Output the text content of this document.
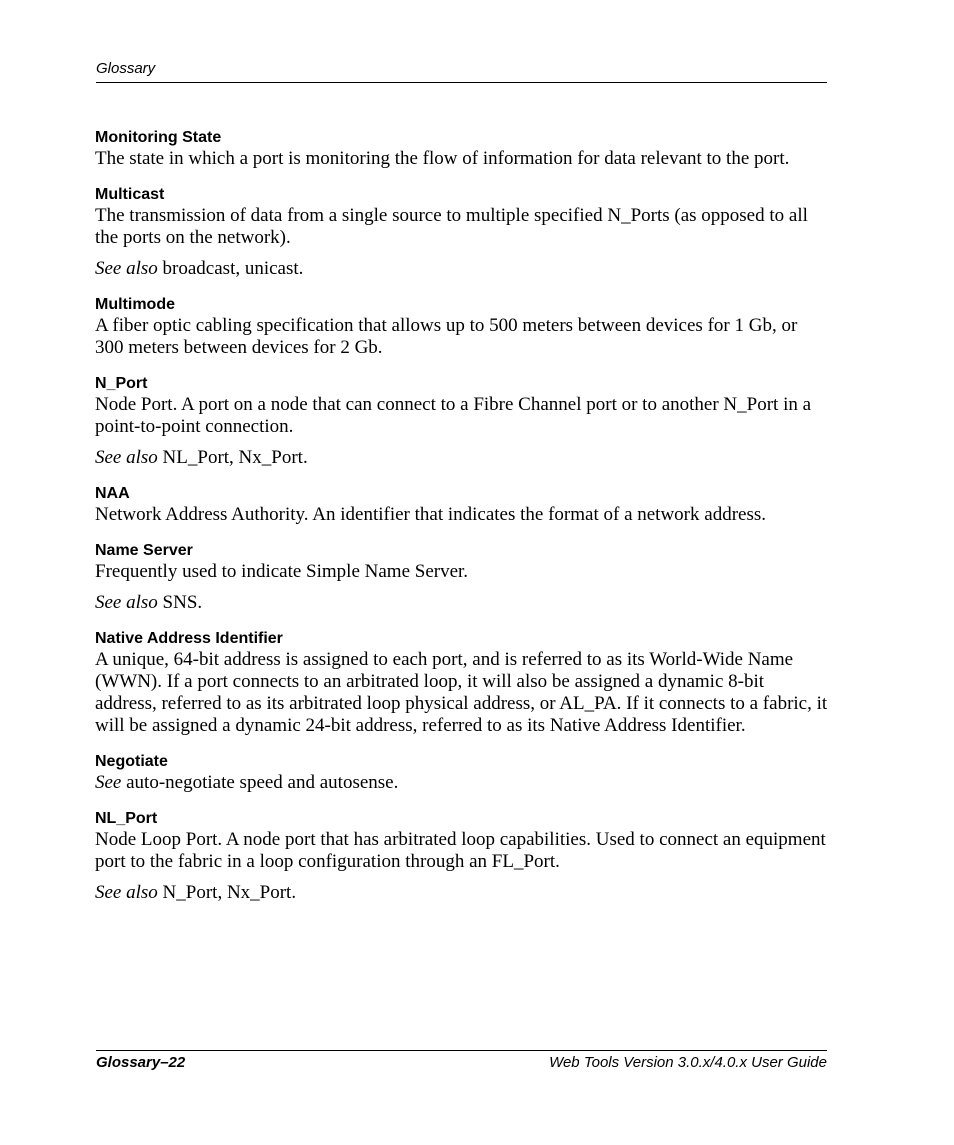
Glossary

Monitoring State

The state in which a port is monitoring the flow of information for data relevant to the port.

Multicast

The transmission of data from a single source to multiple specified N_Ports (as opposed to all the ports on the network).

See also broadcast, unicast.

Multimode

A fiber optic cabling specification that allows up to 500 meters between devices for 1 Gb, or 300 meters between devices for 2 Gb.

N_Port

Node Port. A port on a node that can connect to a Fibre Channel port or to another N_Port in a point-to-point connection.

See also NL_Port, Nx_Port.

NAA

Network Address Authority. An identifier that indicates the format of a network address.

Name Server

Frequently used to indicate Simple Name Server.

See also SNS.

Native Address Identifier

A unique, 64-bit address is assigned to each port, and is referred to as its World-Wide Name (WWN). If a port connects to an arbitrated loop, it will also be assigned a dynamic 8-bit address, referred to as its arbitrated loop physical address, or AL_PA. If it connects to a fabric, it will be assigned a dynamic 24-bit address, referred to as its Native Address Identifier.

Negotiate

See auto-negotiate speed and autosense.

NL_Port

Node Loop Port. A node port that has arbitrated loop capabilities. Used to connect an equipment port to the fabric in a loop configuration through an FL_Port.

See also N_Port, Nx_Port.

Glossary–22	Web Tools Version 3.0.x/4.0.x User Guide
